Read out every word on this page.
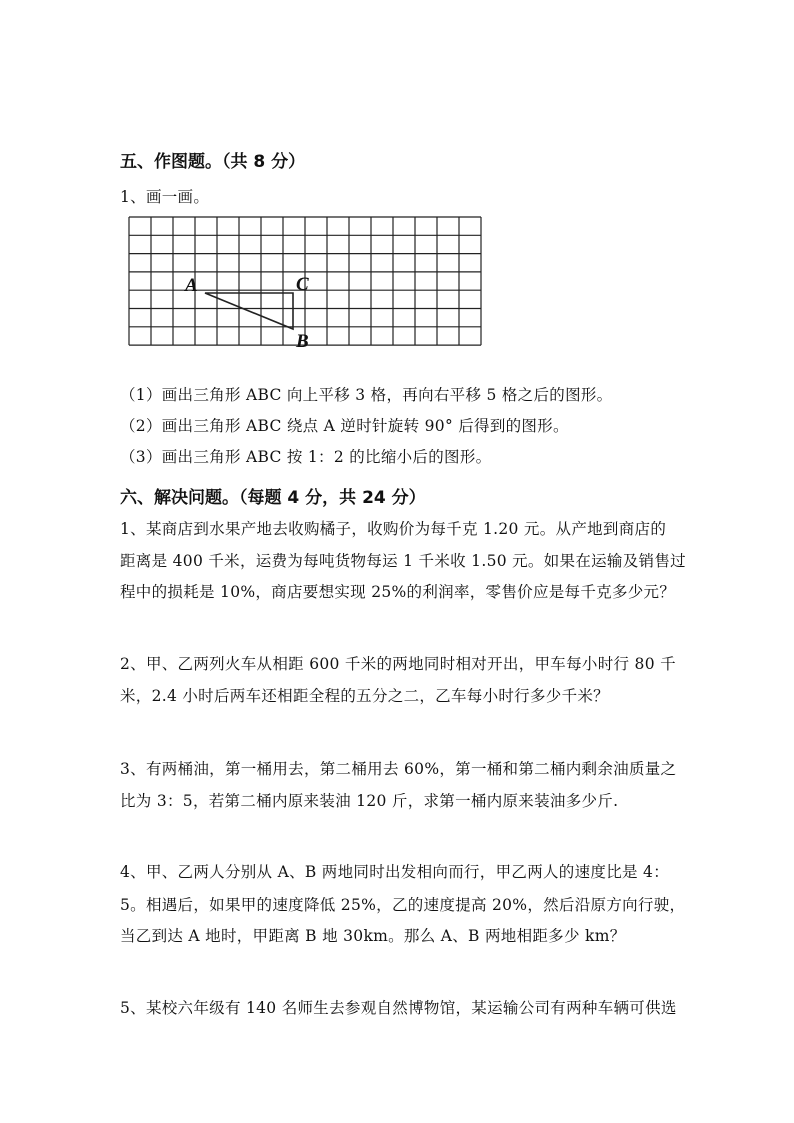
五、作图题。（共 8 分）
1、画一画。
A	C
B
（1）画出三角形 ABC 向上平移 3 格，再向右平移 5 格之后的图形。
（2）画出三角形 ABC 绕点 A 逆时针旋转 90° 后得到的图形。
（3）画出三角形 ABC 按 1：2 的比缩小后的图形。
六、解决问题。（每题 4 分，共 24 分）
1、某商店到水果产地去收购橘子，收购价为每千克 1.20 元。从产地到商店的
距离是 400 千米，运费为每吨货物每运 1 千米收 1.50 元。如果在运输及销售过
程中的损耗是 10%，商店要想实现 25%的利润率，零售价应是每千克多少元？
2、甲、乙两列火车从相距 600 千米的两地同时相对开出，甲车每小时行 80 千
米，2.4 小时后两车还相距全程的五分之二，乙车每小时行多少千米？
3、有两桶油，第一桶用去，第二桶用去 60%，第一桶和第二桶内剩余油质量之
比为 3：5，若第二桶内原来装油 120 斤，求第一桶内原来装油多少斤.
4、甲、乙两人分别从 A、B 两地同时出发相向而行，甲乙两人的速度比是 4：
5。相遇后，如果甲的速度降低 25%，乙的速度提高 20%，然后沿原方向行驶，
当乙到达 A 地时，甲距离 B 地 30km。那么 A、B 两地相距多少 km？
5、某校六年级有 140 名师生去参观自然博物馆，某运输公司有两种车辆可供选
